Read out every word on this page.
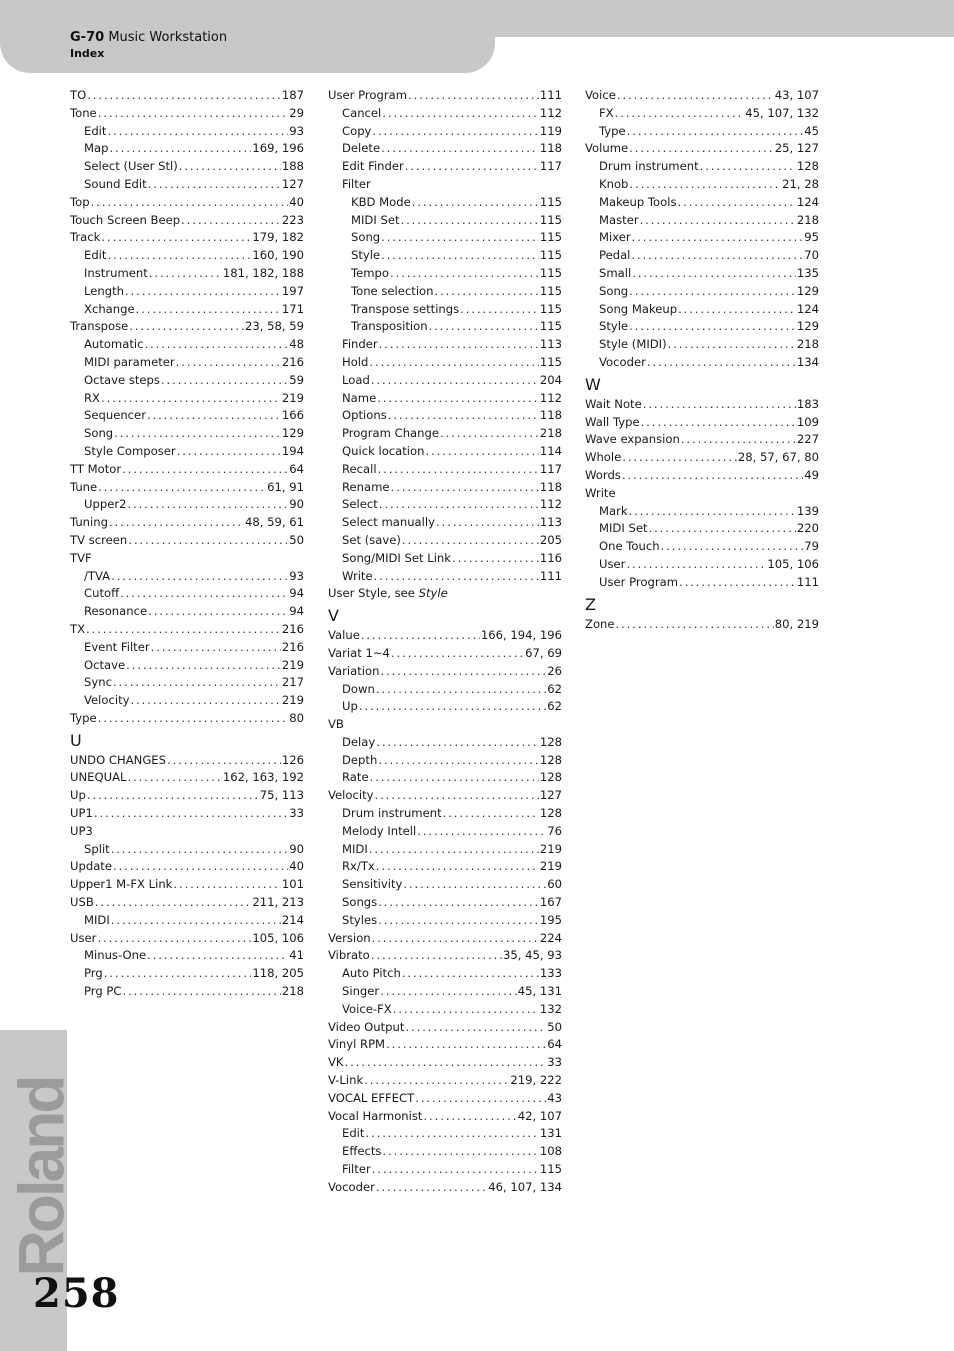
G-70 Music Workstation
Index
TO .....	187
Tone .....	29
Edit .....	93
Map .....	169, 196
Select (User Stl) .....	188
Sound Edit .....	127
Top .....	40
Touch Screen Beep .....	223
Track .....	179, 182
Edit .....	160, 190
Instrument .....	181, 182, 188
Length .....	197
Xchange .....	171
Transpose .....	23, 58, 59
Automatic .....	48
MIDI parameter .....	216
Octave steps .....	59
RX .....	219
Sequencer .....	166
Song .....	129
Style Composer .....	194
TT Motor .....	64
Tune .....	61, 91
Upper2 .....	90
Tuning .....	48, 59, 61
TV screen .....	50
TVF
/TVA .....	93
Cutoff .....	94
Resonance .....	94
TX .....	216
Event Filter .....	216
Octave .....	219
Sync .....	217
Velocity .....	219
Type .....	80
U
UNDO CHANGES .....	126
UNEQUAL .....	162, 163, 192
Up .....	75, 113
UP1 .....	33
UP3
Split .....	90
Update .....	40
Upper1 M-FX Link .....	101
USB .....	211, 213
MIDI .....	214
User .....	105, 106
Minus-One .....	41
Prg .....	118, 205
Prg PC .....	218
User Program .....	111
Cancel .....	112
Copy .....	119
Delete .....	118
Edit Finder .....	117
Filter
KBD Mode .....	115
MIDI Set .....	115
Song .....	115
Style .....	115
Tempo .....	115
Tone selection .....	115
Transpose settings .....	115
Transposition .....	115
Finder .....	113
Hold .....	115
Load .....	204
Name .....	112
Options .....	118
Program Change .....	218
Quick location .....	114
Recall .....	117
Rename .....	118
Select .....	112
Select manually .....	113
Set (save) .....	205
Song/MIDI Set Link .....	116
Write .....	111
User Style, see Style
V
Value .....	166, 194, 196
Variat 1~4 .....	67, 69
Variation .....	26
Down .....	62
Up .....	62
VB
Delay .....	128
Depth .....	128
Rate .....	128
Velocity .....	127
Drum instrument .....	128
Melody Intell .....	76
MIDI .....	219
Rx/Tx .....	219
Sensitivity .....	60
Songs .....	167
Styles .....	195
Version .....	224
Vibrato .....	35, 45, 93
Auto Pitch .....	133
Singer .....	45, 131
Voice-FX .....	132
Video Output .....	50
Vinyl RPM .....	64
VK .....	33
V-Link .....	219, 222
VOCAL EFFECT .....	43
Vocal Harmonist .....	42, 107
Edit .....	131
Effects .....	108
Filter .....	115
Vocoder .....	46, 107, 134
Voice .....	43, 107
FX .....	45, 107, 132
Type .....	45
Volume .....	25, 127
Drum instrument .....	128
Knob .....	21, 28
Makeup Tools .....	124
Master .....	218
Mixer .....	95
Pedal .....	70
Small .....	135
Song .....	129
Song Makeup .....	124
Style .....	129
Style (MIDI) .....	218
Vocoder .....	134
W
Wait Note .....	183
Wall Type .....	109
Wave expansion .....	227
Whole .....	28, 57, 67, 80
Words .....	49
Write
Mark .....	139
MIDI Set .....	220
One Touch .....	79
User .....	105, 106
User Program .....	111
Z
Zone .....	80, 219
Roland
258
